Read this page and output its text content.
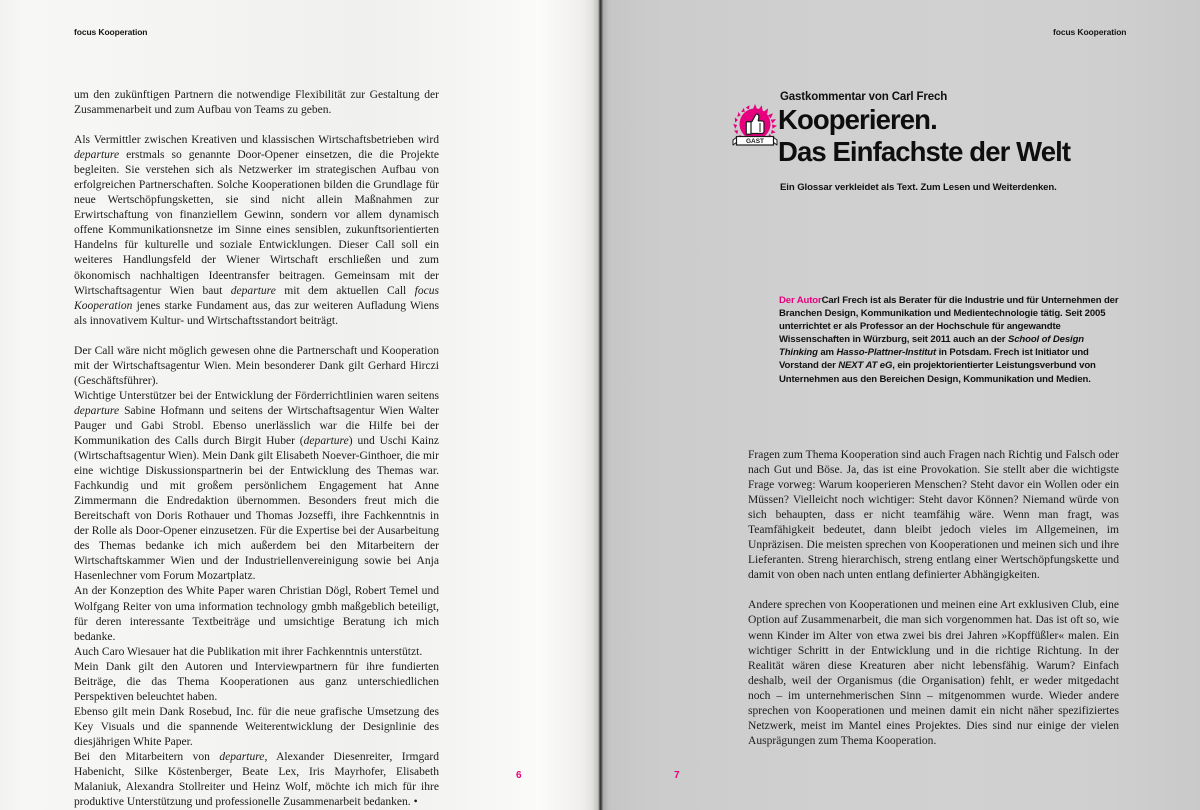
focus Kooperation

um den zukünftigen Partnern die notwendige Flexibilität zur Gestaltung der Zusammenarbeit und zum Aufbau von Teams zu geben.

Als Vermittler zwischen Kreativen und klassischen Wirtschaftsbetrieben wird departure erstmals so genannte Door-Opener einsetzen, die die Projekte begleiten. Sie verstehen sich als Netzwerker im strategischen Aufbau von erfolgreichen Partnerschaften. Solche Kooperationen bilden die Grundlage für neue Wertschöpfungsketten, sie sind nicht allein Maßnahmen zur Erwirtschaftung von finanziellem Gewinn, sondern vor allem dynamisch offene Kommunikationsnetze im Sinne eines sensiblen, zukunftsorientierten Handelns für kulturelle und soziale Entwicklungen. Dieser Call soll ein weiteres Handlungsfeld der Wiener Wirtschaft erschließen und zum ökonomisch nachhaltigen Ideentransfer beitragen. Gemeinsam mit der Wirtschaftsagentur Wien baut departure mit dem aktuellen Call focus Kooperation jenes starke Fundament aus, das zur weiteren Aufladung Wiens als innovativem Kultur- und Wirtschaftsstandort beiträgt.

Der Call wäre nicht möglich gewesen ohne die Partnerschaft und Kooperation mit der Wirtschaftsagentur Wien. Mein besonderer Dank gilt Gerhard Hirczi (Geschäftsführer).

Wichtige Unterstützer bei der Entwicklung der Förderrichtlinien waren seitens departure Sabine Hofmann und seitens der Wirtschaftsagentur Wien Walter Pauger und Gabi Strobl. Ebenso unerlässlich war die Hilfe bei der Kommunikation des Calls durch Birgit Huber (departure) und Uschi Kainz (Wirtschaftsagentur Wien). Mein Dank gilt Elisabeth Noever-Ginthoer, die mir eine wichtige Diskussionspartnerin bei der Entwicklung des Themas war. Fachkundig und mit großem persönlichem Engagement hat Anne Zimmermann die Endredaktion übernommen. Besonders freut mich die Bereitschaft von Doris Rothauer und Thomas Jozseffi, ihre Fachkenntnis in der Rolle als Door-Opener einzusetzen. Für die Expertise bei der Ausarbeitung des Themas bedanke ich mich außerdem bei den Mitarbeitern der Wirtschaftskammer Wien und der Industriellenvereinigung sowie bei Anja Hasenlechner vom Forum Mozartplatz.

An der Konzeption des White Paper waren Christian Dögl, Robert Temel und Wolfgang Reiter von uma information technology gmbh maßgeblich beteiligt, für deren interessante Textbeiträge und umsichtige Beratung ich mich bedanke.

Auch Caro Wiesauer hat die Publikation mit ihrer Fachkenntnis unterstützt.

Mein Dank gilt den Autoren und Interviewpartnern für ihre fundierten Beiträge, die das Thema Kooperationen aus ganz unterschiedlichen Perspektiven beleuchtet haben.

Ebenso gilt mein Dank Rosebud, Inc. für die neue grafische Umsetzung des Key Visuals und die spannende Weiterentwicklung der Designlinie des diesjährigen White Paper.

Bei den Mitarbeitern von departure, Alexander Diesenreiter, Irmgard Habenicht, Silke Köstenberger, Beate Lex, Iris Mayrhofer, Elisabeth Malaniuk, Alexandra Stollreiter und Heinz Wolf, möchte ich mich für ihre produktive Unterstützung und professionelle Zusammenarbeit bedanken. •

focus Kooperation
GAST
Gastkommentar von Carl Frech
Kooperieren.
Das Einfachste der Welt
Ein Glossar verkleidet als Text. Zum Lesen und Weiterdenken.
Der AutorCarl Frech ist als Berater für die Industrie und für Unternehmen der Branchen Design, Kommunikation und Medientechnologie tätig. Seit 2005 unterrichtet er als Professor an der Hochschule für angewandte Wissenschaften in Würzburg, seit 2011 auch an der School of Design Thinking am Hasso-Plattner-Institut in Potsdam. Frech ist Initiator und Vorstand der NEXT AT eG, ein projektorientierter Leistungsverbund von Unternehmen aus den Bereichen Design, Kommunikation und Medien.

Fragen zum Thema Kooperation sind auch Fragen nach Richtig und Falsch oder nach Gut und Böse. Ja, das ist eine Provokation. Sie stellt aber die wichtigste Frage vorweg: Warum kooperieren Menschen? Steht davor ein Wollen oder ein Müssen? Vielleicht noch wichtiger: Steht davor Können? Niemand würde von sich behaupten, dass er nicht teamfähig wäre. Wenn man fragt, was Teamfähigkeit bedeutet, dann bleibt jedoch vieles im Allgemeinen, im Unpräzisen. Die meisten sprechen von Kooperationen und meinen sich und ihre Lieferanten. Streng hierarchisch, streng entlang einer Wertschöpfungskette und damit von oben nach unten entlang definierter Abhängigkeiten.

Andere sprechen von Kooperationen und meinen eine Art exklusiven Club, eine Option auf Zusammenarbeit, die man sich vorgenommen hat. Das ist oft so, wie wenn Kinder im Alter von etwa zwei bis drei Jahren »Kopffüßler« malen. Ein wichtiger Schritt in der Entwicklung und in die richtige Richtung. In der Realität wären diese Kreaturen aber nicht lebensfähig. Warum? Einfach deshalb, weil der Organismus (die Organisation) fehlt, er weder mitgedacht noch – im unternehmerischen Sinn – mitgenommen wurde. Wieder andere sprechen von Kooperationen und meinen damit ein nicht näher spezifiziertes Netzwerk, meist im Mantel eines Projektes. Dies sind nur einige der vielen Ausprägungen zum Thema Kooperation.

6	7
